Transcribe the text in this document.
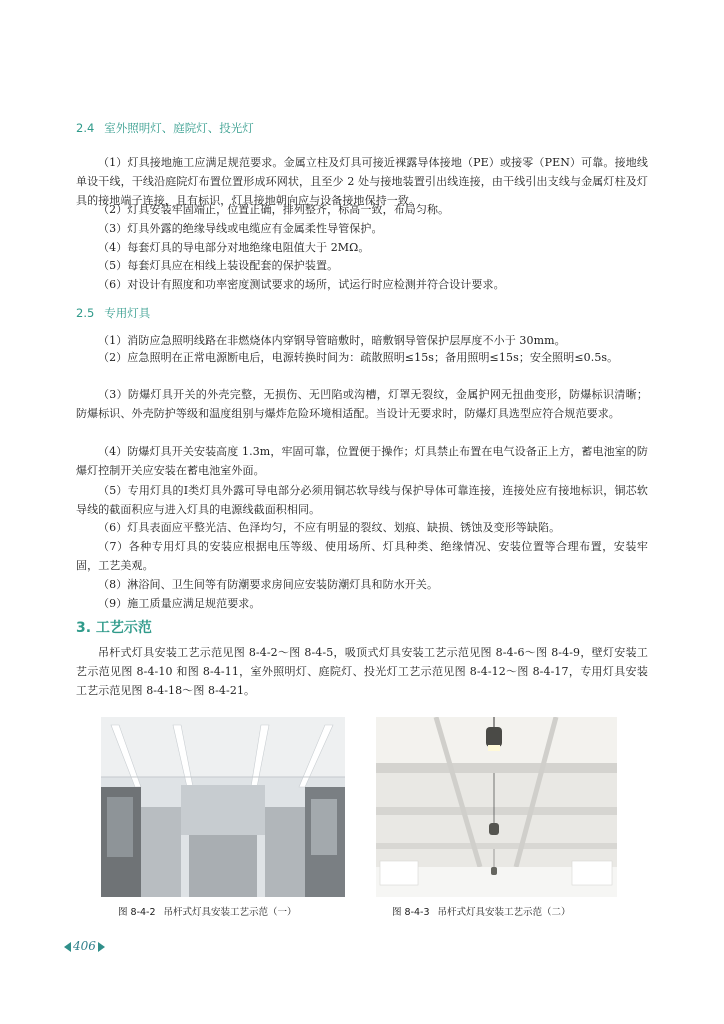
2.4 室外照明灯、庭院灯、投光灯
（1）灯具接地施工应满足规范要求。金属立柱及灯具可接近裸露导体接地（PE）或接零（PEN）可靠。接地线单设干线，干线沿庭院灯布置位置形成环网状，且至少 2 处与接地装置引出线连接，由干线引出支线与金属灯柱及灯具的接地端子连接，且有标识，灯具接地朝向应与设备接地保持一致。
（2）灯具安装牢固端正，位置正确，排列整齐，标高一致，布局匀称。
（3）灯具外露的绝缘导线或电缆应有金属柔性导管保护。
（4）每套灯具的导电部分对地绝缘电阻值大于 2MΩ。
（5）每套灯具应在相线上装设配套的保护装置。
（6）对设计有照度和功率密度测试要求的场所，试运行时应检测并符合设计要求。
2.5 专用灯具
（1）消防应急照明线路在非燃烧体内穿钢导管暗敷时，暗敷钢导管保护层厚度不小于 30mm。
（2）应急照明在正常电源断电后，电源转换时间为：疏散照明≤15s；备用照明≤15s；安全照明≤0.5s。
（3）防爆灯具开关的外壳完整，无损伤、无凹陷或沟槽，灯罩无裂纹，金属护网无扭曲变形，防爆标识清晰；防爆标识、外壳防护等级和温度组别与爆炸危险环境相适配。当设计无要求时，防爆灯具选型应符合规范要求。
（4）防爆灯具开关安装高度 1.3m，牢固可靠，位置便于操作；灯具禁止布置在电气设备正上方，蓄电池室的防爆灯控制开关应安装在蓄电池室外面。
（5）专用灯具的Ⅰ类灯具外露可导电部分必须用铜芯软导线与保护导体可靠连接，连接处应有接地标识，铜芯软导线的截面积应与进入灯具的电源线截面积相同。
（6）灯具表面应平整光洁、色泽均匀，不应有明显的裂纹、划痕、缺损、锈蚀及变形等缺陷。
（7）各种专用灯具的安装应根据电压等级、使用场所、灯具种类、绝缘情况、安装位置等合理布置，安装牢固，工艺美观。
（8）淋浴间、卫生间等有防潮要求房间应安装防潮灯具和防水开关。
（9）施工质量应满足规范要求。
3. 工艺示范
吊杆式灯具安装工艺示范见图 8-4-2～图 8-4-5，吸顶式灯具安装工艺示范见图 8-4-6～图 8-4-9，壁灯安装工艺示范见图 8-4-10 和图 8-4-11，室外照明灯、庭院灯、投光灯工艺示范见图 8-4-12～图 8-4-17，专用灯具安装工艺示范见图 8-4-18～图 8-4-21。
图 8-4-2 吊杆式灯具安装工艺示范（一）	图 8-4-3 吊杆式灯具安装工艺示范（二）
406
